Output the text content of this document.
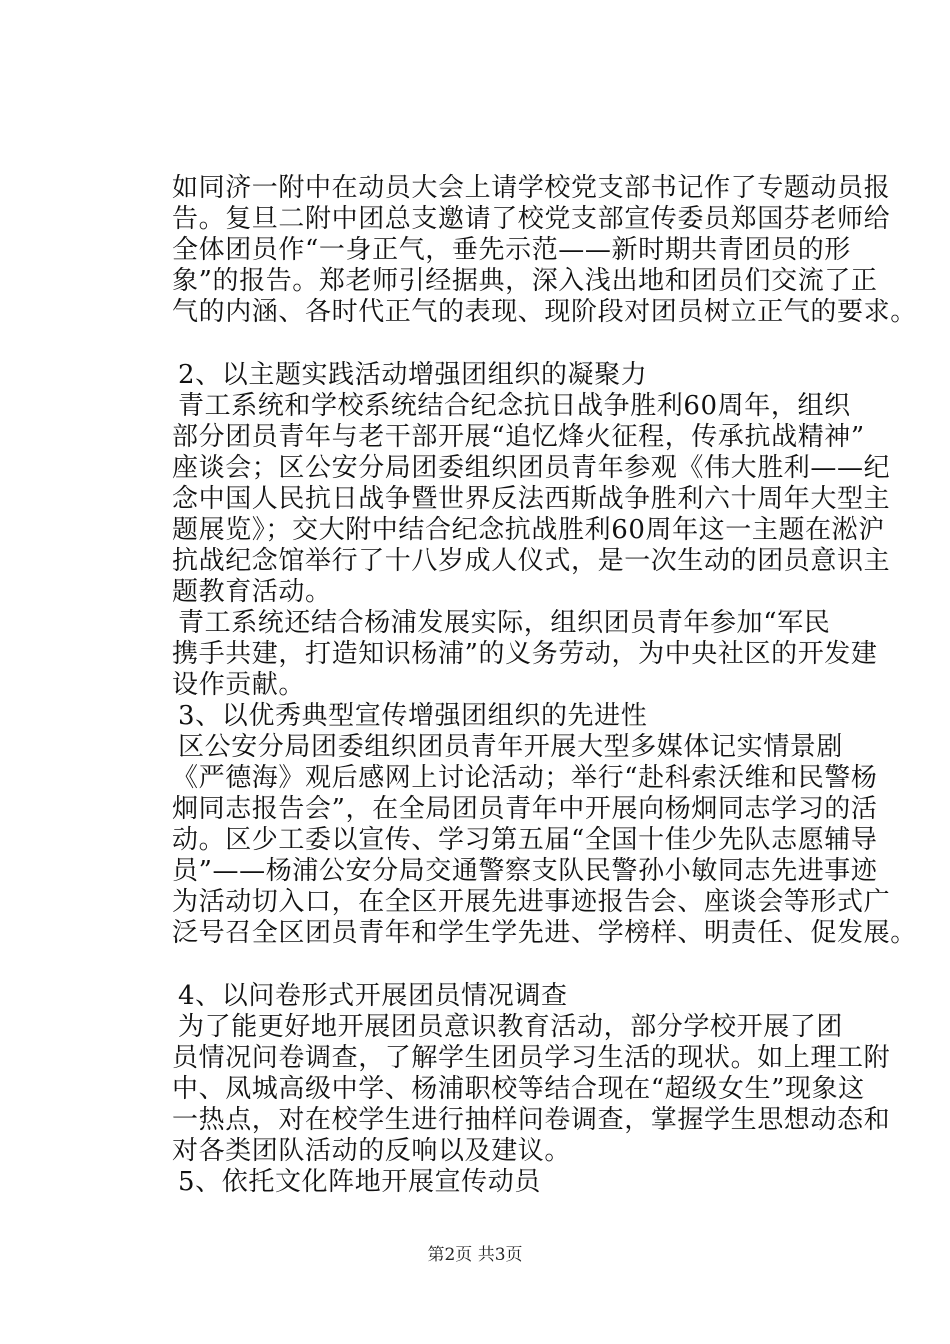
如同济一附中在动员大会上请学校党支部书记作了专题动员报
告。复旦二附中团总支邀请了校党支部宣传委员郑国芬老师给
全体团员作“一身正气，垂先示范——新时期共青团员的形
象”的报告。郑老师引经据典，深入浅出地和团员们交流了正
气的内涵、各时代正气的表现、现阶段对团员树立正气的要求。
2、以主题实践活动增强团组织的凝聚力
青工系统和学校系统结合纪念抗日战争胜利60周年，组织
部分团员青年与老干部开展“追忆烽火征程，传承抗战精神”
座谈会；区公安分局团委组织团员青年参观《伟大胜利——纪
念中国人民抗日战争暨世界反法西斯战争胜利六十周年大型主
题展览》；交大附中结合纪念抗战胜利60周年这一主题在淞沪
抗战纪念馆举行了十八岁成人仪式，是一次生动的团员意识主
题教育活动。
青工系统还结合杨浦发展实际，组织团员青年参加“军民
携手共建，打造知识杨浦”的义务劳动，为中央社区的开发建
设作贡献。
3、以优秀典型宣传增强团组织的先进性
区公安分局团委组织团员青年开展大型多媒体记实情景剧
《严德海》观后感网上讨论活动；举行“赴科索沃维和民警杨
炯同志报告会”，在全局团员青年中开展向杨炯同志学习的活
动。区少工委以宣传、学习第五届“全国十佳少先队志愿辅导
员”——杨浦公安分局交通警察支队民警孙小敏同志先进事迹
为活动切入口，在全区开展先进事迹报告会、座谈会等形式广
泛号召全区团员青年和学生学先进、学榜样、明责任、促发展。
4、以问卷形式开展团员情况调查
为了能更好地开展团员意识教育活动，部分学校开展了团
员情况问卷调查，了解学生团员学习生活的现状。如上理工附
中、凤城高级中学、杨浦职校等结合现在“超级女生”现象这
一热点，对在校学生进行抽样问卷调查，掌握学生思想动态和
对各类团队活动的反响以及建议。
5、依托文化阵地开展宣传动员
第2页 共3页
